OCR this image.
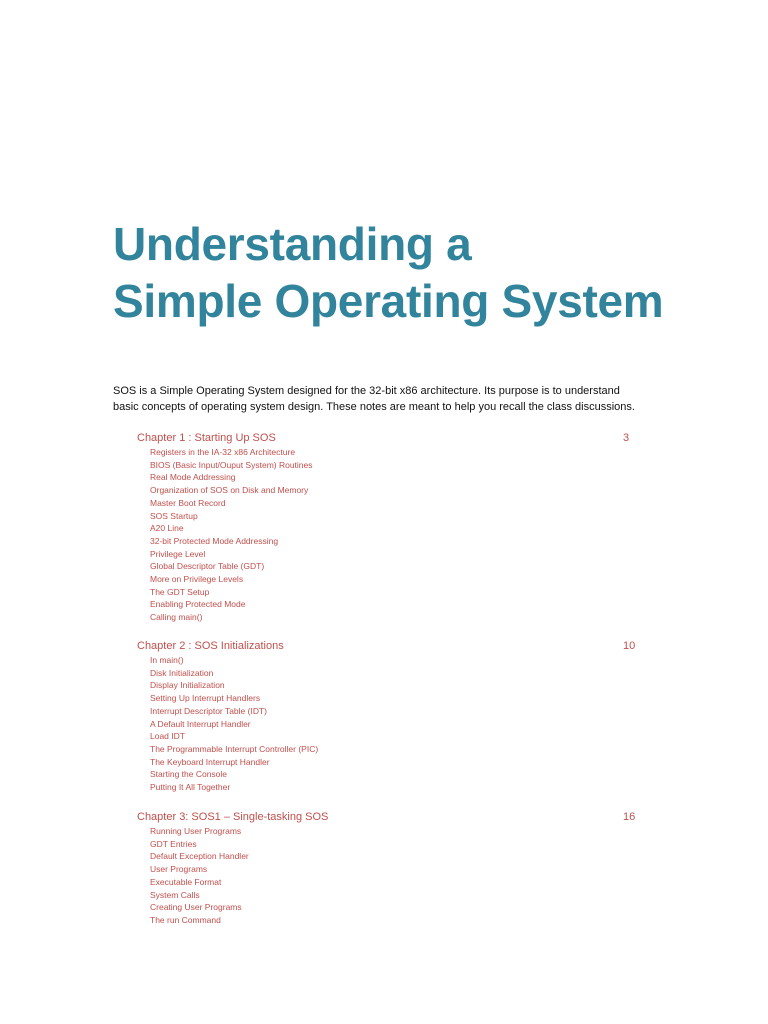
Understanding a
Simple Operating System

SOS is a Simple Operating System designed for the 32-bit x86 architecture. Its purpose is to understand
basic concepts of operating system design. These notes are meant to help you recall the class discussions.

Chapter 1 : Starting Up SOS	3
Registers in the IA-32 x86 Architecture
BIOS (Basic Input/Ouput System) Routines
Real Mode Addressing
Organization of SOS on Disk and Memory
Master Boot Record
SOS Startup
A20 Line
32-bit Protected Mode Addressing
Privilege Level
Global Descriptor Table (GDT)
More on Privilege Levels
The GDT Setup
Enabling Protected Mode
Calling main()
Chapter 2 : SOS Initializations	10
In main()
Disk Initialization
Display Initialization
Setting Up Interrupt Handlers
Interrupt Descriptor Table (IDT)
A Default Interrupt Handler
Load IDT
The Programmable Interrupt Controller (PIC)
The Keyboard Interrupt Handler
Starting the Console
Putting It All Together
Chapter 3: SOS1 – Single-tasking SOS	16
Running User Programs
GDT Entries
Default Exception Handler
User Programs
Executable Format
System Calls
Creating User Programs
The run Command
